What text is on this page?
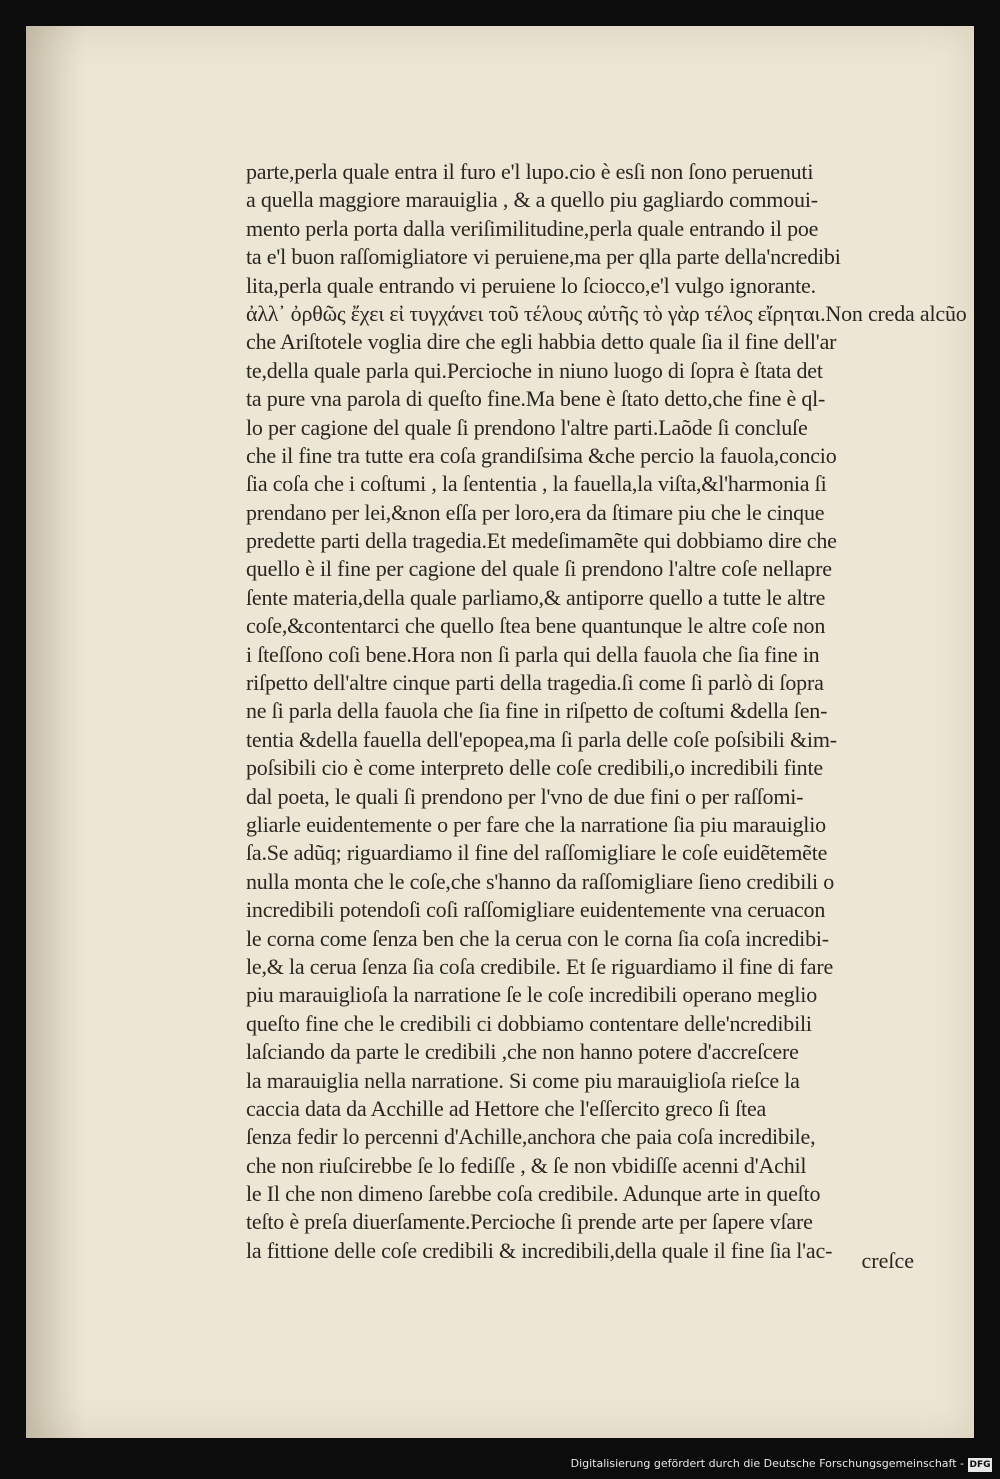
parte,perla quale entra il furo e'l lupo.cio è esſi non ſono peruenuti
a quella maggiore marauiglia , & a quello piu gagliardo commoui-
mento perla porta dalla veriſimilitudine,perla quale entrando il poe
ta e'l buon raſſomigliatore vi peruiene,ma per qlla parte della'ncredibi
lita,perla quale entrando vi peruiene lo ſciocco,e'l vulgo ignorante.
ἀλλ᾽ ὀρθῶς ἔχει εἰ τυγχάνει τοῦ τέλους αὐτῆς τὸ γὰρ τέλος εἴρηται.Non creda alcũo
che Ariſtotele voglia dire che egli habbia detto quale ſia il fine dell'ar
te,della quale parla qui.Percioche in niuno luogo di ſopra è ſtata det
ta pure vna parola di queſto fine.Ma bene è ſtato detto,che fine è ql-
lo per cagione del quale ſi prendono l'altre parti.Laõde ſi concluſe
che il fine tra tutte era coſa grandiſsima &che percio la fauola,concio
ſia coſa che i coſtumi , la ſententia , la fauella,la viſta,&l'harmonia ſi
prendano per lei,&non eſſa per loro,era da ſtimare piu che le cinque
predette parti della tragedia.Et medeſimamẽte qui dobbiamo dire che
quello è il fine per cagione del quale ſi prendono l'altre coſe nellapre
ſente materia,della quale parliamo,& antiporre quello a tutte le altre
coſe,&contentarci che quello ſtea bene quantunque le altre coſe non
i ſteſſono coſi bene.Hora non ſi parla qui della fauola che ſia fine in
riſpetto dell'altre cinque parti della tragedia.ſi come ſi parlò di ſopra
ne ſi parla della fauola che ſia fine in riſpetto de coſtumi &della ſen-
tentia &della fauella dell'epopea,ma ſi parla delle coſe poſsibili &im-
poſsibili cio è come interpreto delle coſe credibili,o incredibili finte
dal poeta, le quali ſi prendono per l'vno de due fini o per raſſomi-
gliarle euidentemente o per fare che la narratione ſia piu marauiglio
ſa.Se adũq; riguardiamo il fine del raſſomigliare le coſe euidẽtemẽte
nulla monta che le coſe,che s'hanno da raſſomigliare ſieno credibili o
incredibili potendoſi coſi raſſomigliare euidentemente vna ceruacon
le corna come ſenza ben che la cerua con le corna ſia coſa incredibi-
le,& la cerua ſenza ſia coſa credibile. Et ſe riguardiamo il fine di fare
piu marauiglioſa la narratione ſe le coſe incredibili operano meglio
queſto fine che le credibili ci dobbiamo contentare delle'ncredibili
laſciando da parte le credibili ,che non hanno potere d'accreſcere
la marauiglia nella narratione. Si come piu marauiglioſa rieſce la
caccia data da Acchille ad Hettore che l'eſſercito greco ſi ſtea
ſenza fedir lo percenni d'Achille,anchora che paia coſa incredibile,
che non riuſcirebbe ſe lo fediſſe , & ſe non vbidiſſe acenni d'Achil
le Il che non dimeno ſarebbe coſa credibile. Adunque arte in queſto
teſto è preſa diuerſamente.Percioche ſi prende arte per ſapere vſare
la fittione delle coſe credibili & incredibili,della quale il fine ſia l'ac-	creſce
Digitalisierung gefördert durch die Deutsche Forschungsgemeinschaft - DFG
